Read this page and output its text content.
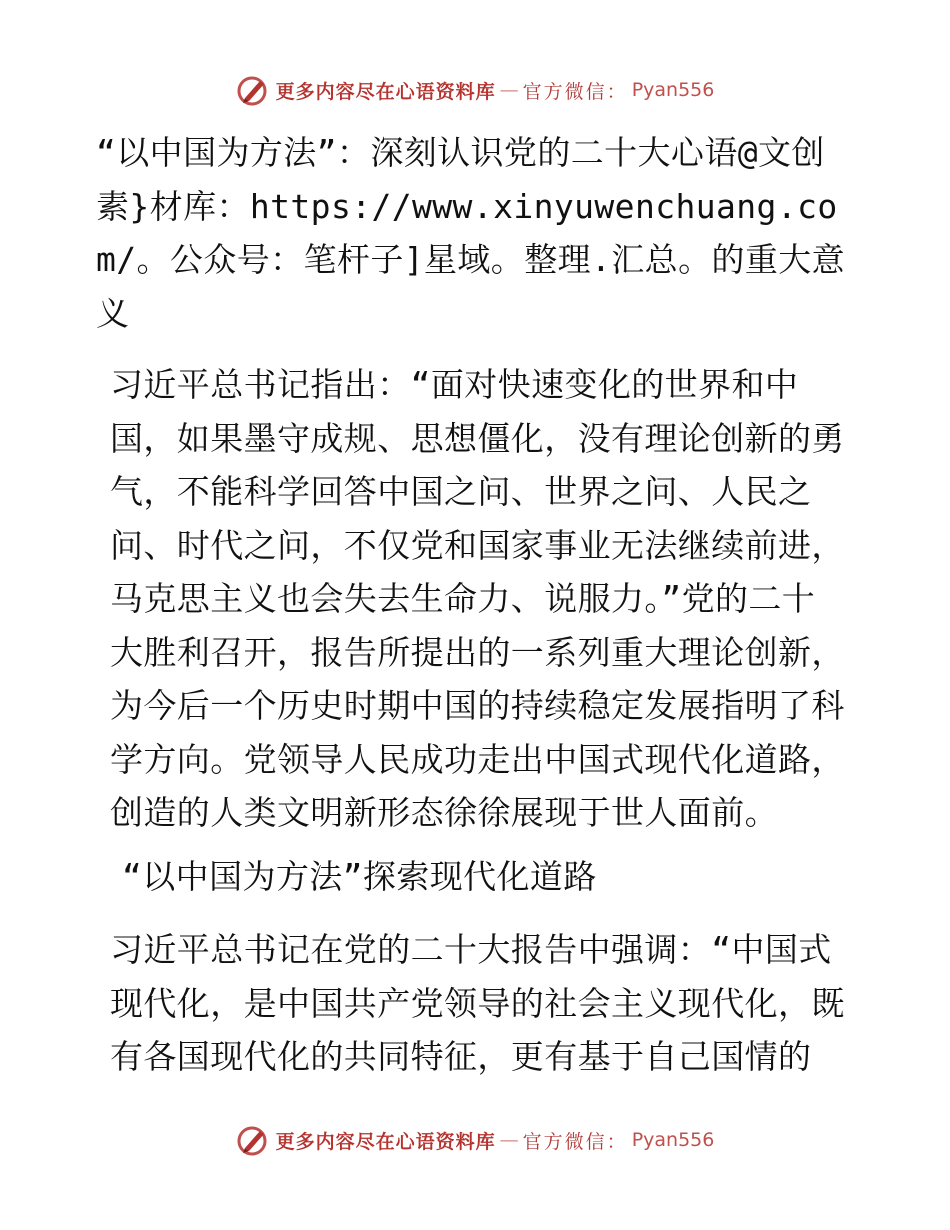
更多内容尽在心语资料库 — 官方微信： Pyan556

“以中国为方法”：深刻认识党的二十大心语@文创素}材库：https://www.xinyuwenchuang.com/。公众号：笔杆子]星域。整理.汇总。的重大意义

习近平总书记指出：“面对快速变化的世界和中国，如果墨守成规、思想僵化，没有理论创新的勇气，不能科学回答中国之问、世界之问、人民之问、时代之问，不仅党和国家事业无法继续前进，马克思主义也会失去生命力、说服力。”党的二十大胜利召开，报告所提出的一系列重大理论创新，为今后一个历史时期中国的持续稳定发展指明了科学方向。党领导人民成功走出中国式现代化道路，创造的人类文明新形态徐徐展现于世人面前。

“以中国为方法”探索现代化道路

习近平总书记在党的二十大报告中强调：“中国式现代化，是中国共产党领导的社会主义现代化，既有各国现代化的共同特征，更有基于自己国情的

更多内容尽在心语资料库 — 官方微信： Pyan556
